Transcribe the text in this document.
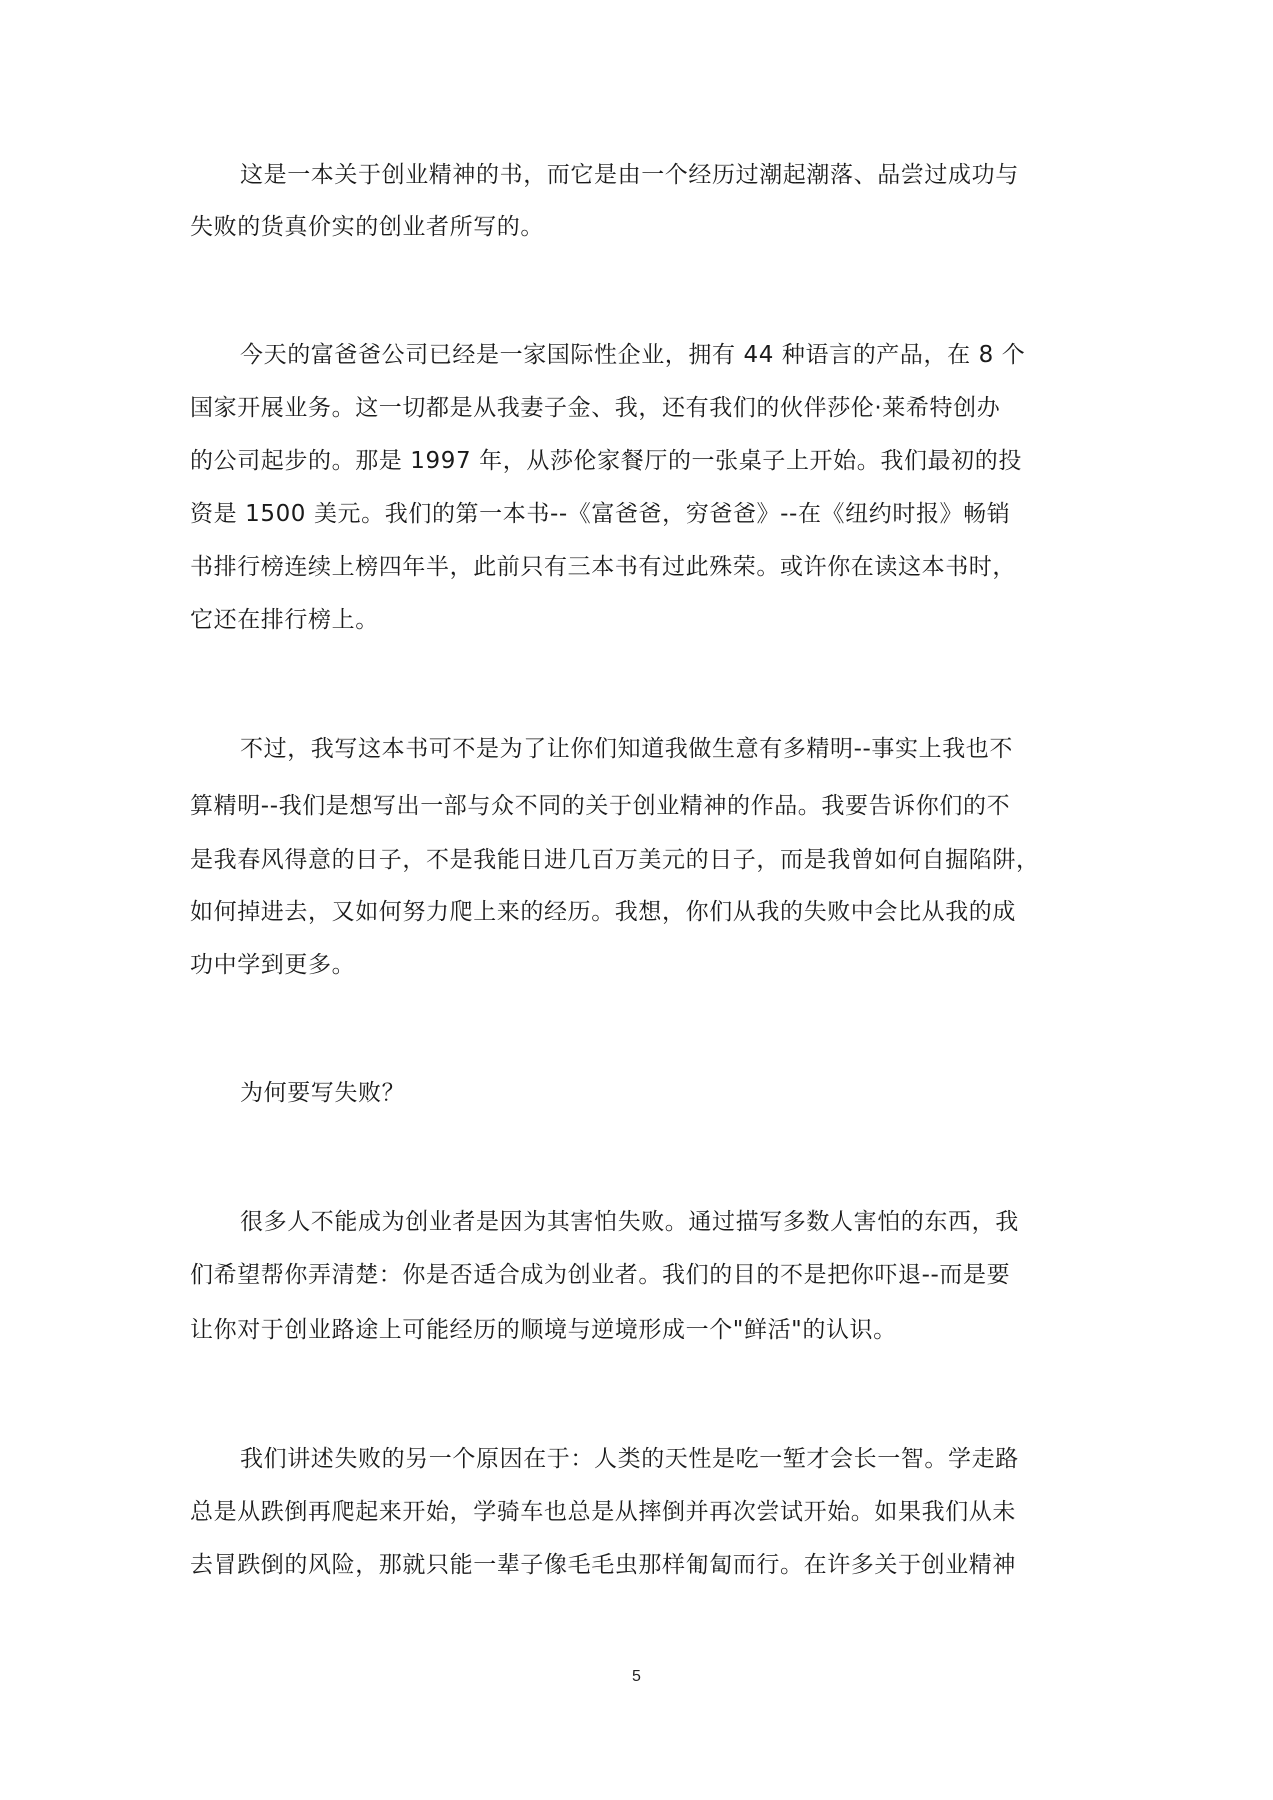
这是一本关于创业精神的书，而它是由一个经历过潮起潮落、品尝过成功与
失败的货真价实的创业者所写的。
今天的富爸爸公司已经是一家国际性企业，拥有 44 种语言的产品，在 8 个
国家开展业务。这一切都是从我妻子金、我，还有我们的伙伴莎伦·莱希特创办
的公司起步的。那是 1997 年，从莎伦家餐厅的一张桌子上开始。我们最初的投
资是 1500 美元。我们的第一本书--《富爸爸，穷爸爸》--在《纽约时报》畅销
书排行榜连续上榜四年半，此前只有三本书有过此殊荣。或许你在读这本书时，
它还在排行榜上。
不过，我写这本书可不是为了让你们知道我做生意有多精明--事实上我也不
算精明--我们是想写出一部与众不同的关于创业精神的作品。我要告诉你们的不
是我春风得意的日子，不是我能日进几百万美元的日子，而是我曾如何自掘陷阱，
如何掉进去，又如何努力爬上来的经历。我想，你们从我的失败中会比从我的成
功中学到更多。
为何要写失败？
很多人不能成为创业者是因为其害怕失败。通过描写多数人害怕的东西，我
们希望帮你弄清楚：你是否适合成为创业者。我们的目的不是把你吓退--而是要
让你对于创业路途上可能经历的顺境与逆境形成一个"鲜活"的认识。
我们讲述失败的另一个原因在于：人类的天性是吃一堑才会长一智。学走路
总是从跌倒再爬起来开始，学骑车也总是从摔倒并再次尝试开始。如果我们从未
去冒跌倒的风险，那就只能一辈子像毛毛虫那样匍匐而行。在许多关于创业精神
5
